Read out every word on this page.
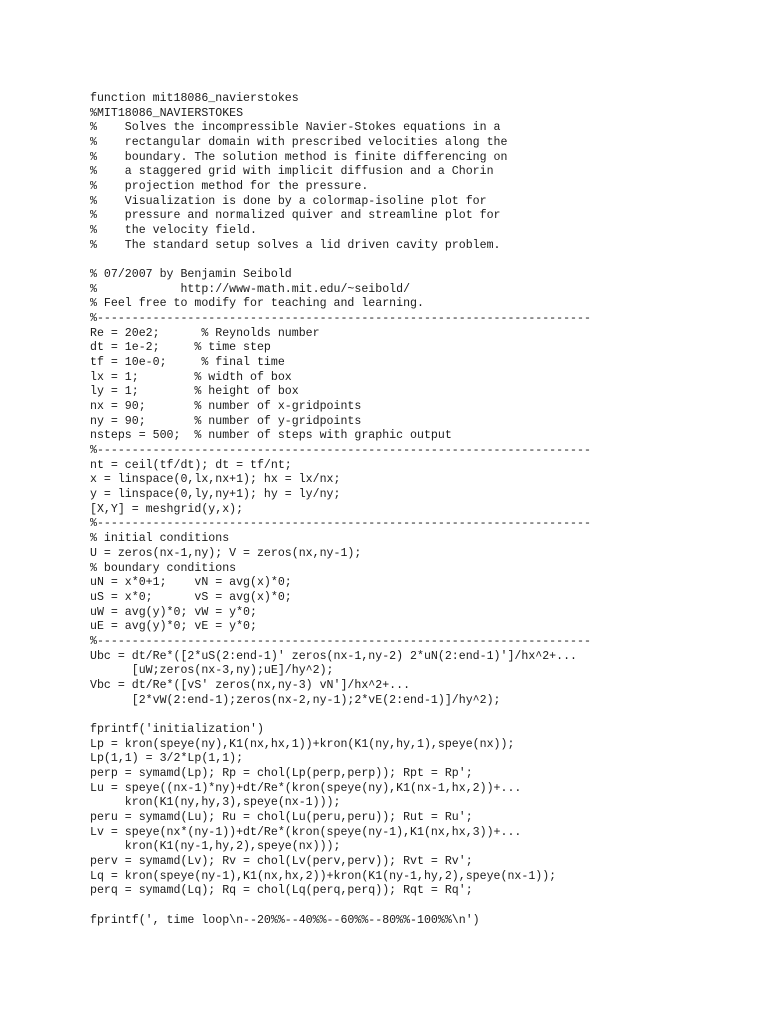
function mit18086_navierstokes
%MIT18086_NAVIERSTOKES
%    Solves the incompressible Navier-Stokes equations in a
%    rectangular domain with prescribed velocities along the
%    boundary. The solution method is finite differencing on
%    a staggered grid with implicit diffusion and a Chorin
%    projection method for the pressure.
%    Visualization is done by a colormap-isoline plot for
%    pressure and normalized quiver and streamline plot for
%    the velocity field.
%    The standard setup solves a lid driven cavity problem.
% 07/2007 by Benjamin Seibold
%            http://www-math.mit.edu/~seibold/
% Feel free to modify for teaching and learning.
%-----------------------------------------------------------------------
Re = 20e2;      % Reynolds number
dt = 1e-2;     % time step
tf = 10e-0;     % final time
lx = 1;        % width of box
ly = 1;        % height of box
nx = 90;       % number of x-gridpoints
ny = 90;       % number of y-gridpoints
nsteps = 500;  % number of steps with graphic output
%-----------------------------------------------------------------------
nt = ceil(tf/dt); dt = tf/nt;
x = linspace(0,lx,nx+1); hx = lx/nx;
y = linspace(0,ly,ny+1); hy = ly/ny;
[X,Y] = meshgrid(y,x);
%-----------------------------------------------------------------------
% initial conditions
U = zeros(nx-1,ny); V = zeros(nx,ny-1);
% boundary conditions
uN = x*0+1;    vN = avg(x)*0;
uS = x*0;      vS = avg(x)*0;
uW = avg(y)*0; vW = y*0;
uE = avg(y)*0; vE = y*0;
%-----------------------------------------------------------------------
Ubc = dt/Re*([2*uS(2:end-1)' zeros(nx-1,ny-2) 2*uN(2:end-1)']/hx^2+...
[uW;zeros(nx-3,ny);uE]/hy^2);
Vbc = dt/Re*([vS' zeros(nx,ny-3) vN']/hx^2+...
[2*vW(2:end-1);zeros(nx-2,ny-1);2*vE(2:end-1)]/hy^2);
fprintf('initialization')
Lp = kron(speye(ny),K1(nx,hx,1))+kron(K1(ny,hy,1),speye(nx));
Lp(1,1) = 3/2*Lp(1,1);
perp = symamd(Lp); Rp = chol(Lp(perp,perp)); Rpt = Rp';
Lu = speye((nx-1)*ny)+dt/Re*(kron(speye(ny),K1(nx-1,hx,2))+...
kron(K1(ny,hy,3),speye(nx-1)));
peru = symamd(Lu); Ru = chol(Lu(peru,peru)); Rut = Ru';
Lv = speye(nx*(ny-1))+dt/Re*(kron(speye(ny-1),K1(nx,hx,3))+...
kron(K1(ny-1,hy,2),speye(nx)));
perv = symamd(Lv); Rv = chol(Lv(perv,perv)); Rvt = Rv';
Lq = kron(speye(ny-1),K1(nx,hx,2))+kron(K1(ny-1,hy,2),speye(nx-1));
perq = symamd(Lq); Rq = chol(Lq(perq,perq)); Rqt = Rq';
fprintf(', time loop\n--20%%--40%%--60%%--80%%-100%%\n')
